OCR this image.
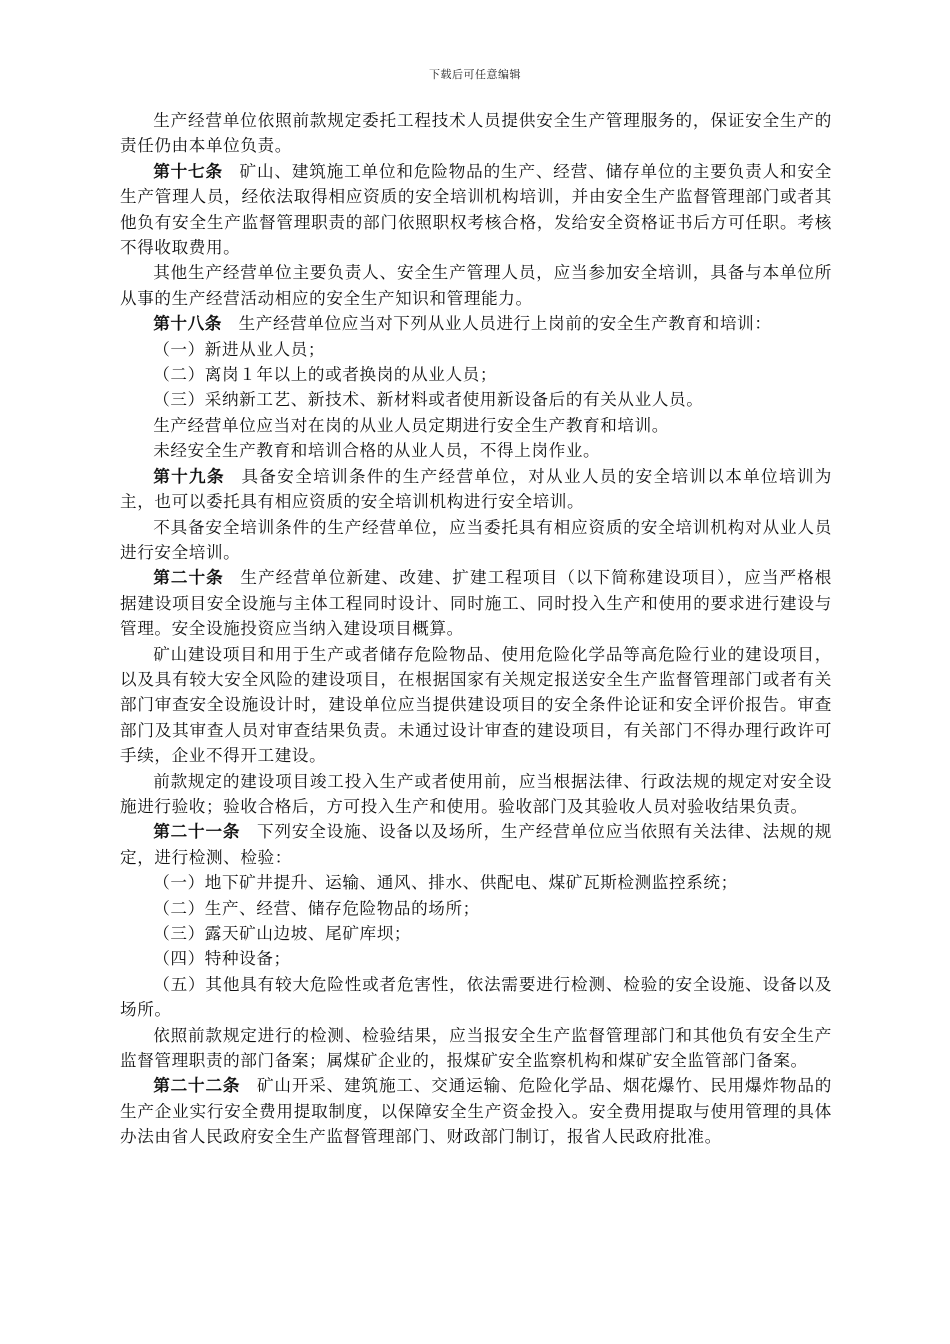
下载后可任意编辑

生产经营单位依照前款规定委托工程技术人员提供安全生产管理服务的，保证安全生产的责任仍由本单位负责。

第十七条 矿山、建筑施工单位和危险物品的生产、经营、储存单位的主要负责人和安全生产管理人员，经依法取得相应资质的安全培训机构培训，并由安全生产监督管理部门或者其他负有安全生产监督管理职责的部门依照职权考核合格，发给安全资格证书后方可任职。考核不得收取费用。

其他生产经营单位主要负责人、安全生产管理人员，应当参加安全培训，具备与本单位所从事的生产经营活动相应的安全生产知识和管理能力。

第十八条 生产经营单位应当对下列从业人员进行上岗前的安全生产教育和培训：

（一）新进从业人员；

（二）离岗１年以上的或者换岗的从业人员；

（三）采纳新工艺、新技术、新材料或者使用新设备后的有关从业人员。

生产经营单位应当对在岗的从业人员定期进行安全生产教育和培训。

未经安全生产教育和培训合格的从业人员，不得上岗作业。

第十九条 具备安全培训条件的生产经营单位，对从业人员的安全培训以本单位培训为主，也可以委托具有相应资质的安全培训机构进行安全培训。

不具备安全培训条件的生产经营单位，应当委托具有相应资质的安全培训机构对从业人员进行安全培训。

第二十条 生产经营单位新建、改建、扩建工程项目（以下简称建设项目），应当严格根据建设项目安全设施与主体工程同时设计、同时施工、同时投入生产和使用的要求进行建设与管理。安全设施投资应当纳入建设项目概算。

矿山建设项目和用于生产或者储存危险物品、使用危险化学品等高危险行业的建设项目，以及具有较大安全风险的建设项目，在根据国家有关规定报送安全生产监督管理部门或者有关部门审查安全设施设计时，建设单位应当提供建设项目的安全条件论证和安全评价报告。审查部门及其审查人员对审查结果负责。未通过设计审查的建设项目，有关部门不得办理行政许可手续，企业不得开工建设。

前款规定的建设项目竣工投入生产或者使用前，应当根据法律、行政法规的规定对安全设施进行验收；验收合格后，方可投入生产和使用。验收部门及其验收人员对验收结果负责。

第二十一条 下列安全设施、设备以及场所，生产经营单位应当依照有关法律、法规的规定，进行检测、检验：

（一）地下矿井提升、运输、通风、排水、供配电、煤矿瓦斯检测监控系统；

（二）生产、经营、储存危险物品的场所；

（三）露天矿山边坡、尾矿库坝；

（四）特种设备；

（五）其他具有较大危险性或者危害性，依法需要进行检测、检验的安全设施、设备以及场所。

依照前款规定进行的检测、检验结果，应当报安全生产监督管理部门和其他负有安全生产监督管理职责的部门备案；属煤矿企业的，报煤矿安全监察机构和煤矿安全监管部门备案。

第二十二条 矿山开采、建筑施工、交通运输、危险化学品、烟花爆竹、民用爆炸物品的生产企业实行安全费用提取制度，以保障安全生产资金投入。安全费用提取与使用管理的具体办法由省人民政府安全生产监督管理部门、财政部门制订，报省人民政府批准。
